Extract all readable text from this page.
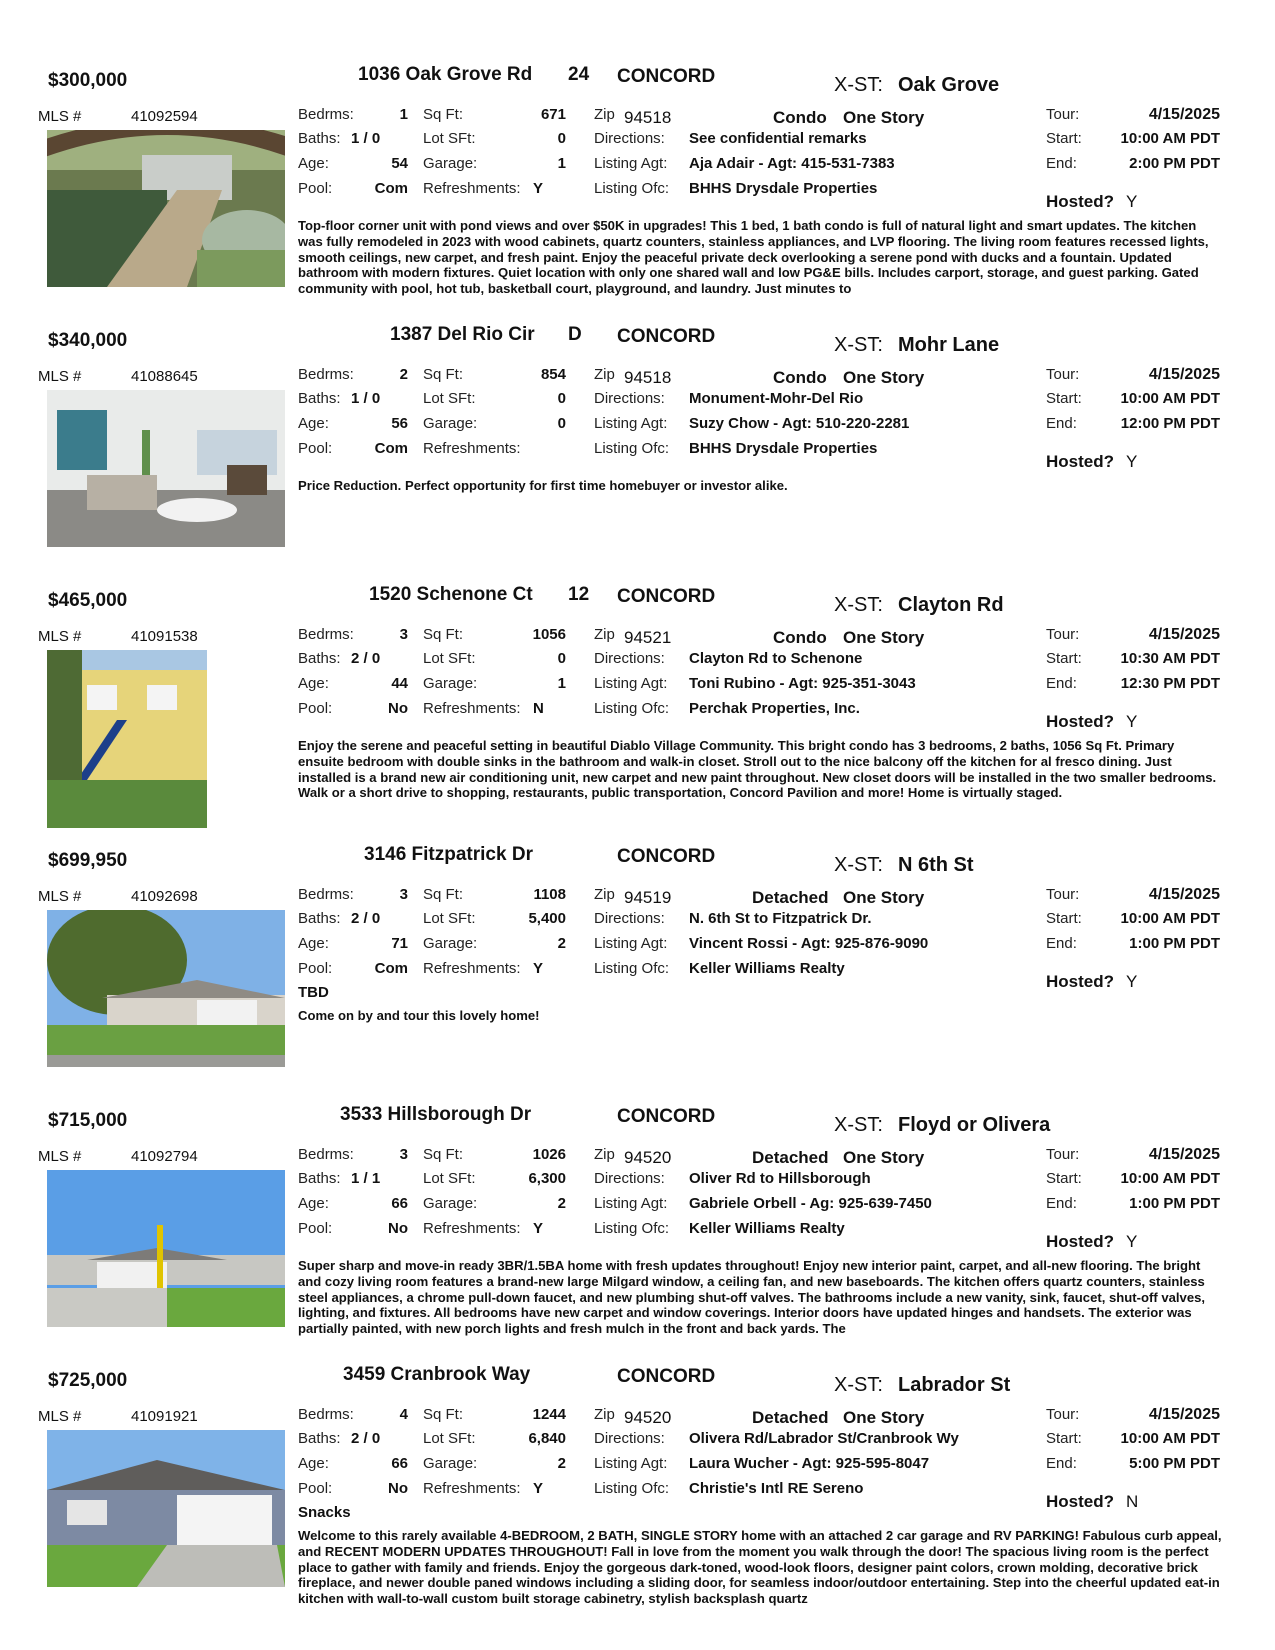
$300,000	1036 Oak Grove Rd 24 CONCORD	X-ST: Oak Grove
MLS #	41092594	Bedrms:	1 Sq Ft:	671
Baths: 1 / 0	Lot SFt:	0
Age:	54 Garage:	1
Pool:	Com Refreshments: Y
Zip 94518	Condo One Story
Directions: See confidential remarks
Listing Agt: Aja Adair - Agt: 415-531-7383
Listing Ofc: BHHS Drysdale Properties
Tour:	4/15/2025
Start:	10:00 AM PDT
End:	2:00 PM PDT
Hosted? Y
Top-floor corner unit with pond views and over $50K in upgrades! This 1 bed, 1 bath condo is full of natural light and smart updates. The kitchen was fully remodeled in 2023 with wood cabinets, quartz counters, stainless appliances, and LVP flooring. The living room features recessed lights, smooth ceilings, new carpet, and fresh paint. Enjoy the peaceful private deck overlooking a serene pond with ducks and a fountain. Updated bathroom with modern fixtures. Quiet location with only one shared wall and low PG&E bills. Includes carport, storage, and guest parking. Gated community with pool, hot tub, basketball court, playground, and laundry. Just minutes to
$340,000	1387 Del Rio Cir D CONCORD	X-ST: Mohr Lane
MLS #	41088645	Bedrms:	2 Sq Ft:	854
Baths: 1 / 0	Lot SFt:	0
Age:	56 Garage:	0
Pool:	Com Refreshments:
Zip 94518	Condo One Story
Directions: Monument-Mohr-Del Rio
Listing Agt: Suzy Chow - Agt: 510-220-2281
Listing Ofc: BHHS Drysdale Properties
Tour:	4/15/2025
Start:	10:00 AM PDT
End:	12:00 PM PDT
Hosted? Y
Price Reduction. Perfect opportunity for first time homebuyer or investor alike.
$465,000	1520 Schenone Ct 12 CONCORD	X-ST: Clayton Rd
MLS #	41091538	Bedrms:	3 Sq Ft:	1056
Baths: 2 / 0	Lot SFt:	0
Age:	44 Garage:	1
Pool:	No Refreshments: N
Zip 94521	Condo One Story
Directions: Clayton Rd to Schenone
Listing Agt: Toni Rubino - Agt: 925-351-3043
Listing Ofc: Perchak Properties, Inc.
Tour:	4/15/2025
Start:	10:30 AM PDT
End:	12:30 PM PDT
Hosted? Y
Enjoy the serene and peaceful setting in beautiful Diablo Village Community. This bright condo has 3 bedrooms, 2 baths, 1056 Sq Ft. Primary ensuite bedroom with double sinks in the bathroom and walk-in closet. Stroll out to the nice balcony off the kitchen for al fresco dining. Just installed is a brand new air conditioning unit, new carpet and new paint throughout. New closet doors will be installed in the two smaller bedrooms. Walk or a short drive to shopping, restaurants, public transportation, Concord Pavilion and more! Home is virtually staged.
$699,950	3146 Fitzpatrick Dr	CONCORD	X-ST: N 6th St
MLS #	41092698	Bedrms:	3 Sq Ft:	1108
Baths: 2 / 0	Lot SFt:	5,400
Age:	71 Garage:	2
Pool:	Com Refreshments: Y
Zip 94519	Detached One Story
Directions: N. 6th St to Fitzpatrick Dr.
Listing Agt: Vincent Rossi - Agt: 925-876-9090
Listing Ofc: Keller Williams Realty
Tour:	4/15/2025
Start:	10:00 AM PDT
End:	1:00 PM PDT
Hosted? Y
TBD
Come on by and tour this lovely home!
$715,000	3533 Hillsborough Dr	CONCORD	X-ST: Floyd or Olivera
MLS #	41092794	Bedrms:	3 Sq Ft:	1026
Baths: 1 / 1	Lot SFt:	6,300
Age:	66 Garage:	2
Pool:	No Refreshments: Y
Zip 94520	Detached One Story
Directions: Oliver Rd to Hillsborough
Listing Agt: Gabriele Orbell - Ag: 925-639-7450
Listing Ofc: Keller Williams Realty
Tour:	4/15/2025
Start:	10:00 AM PDT
End:	1:00 PM PDT
Hosted? Y
Super sharp and move-in ready 3BR/1.5BA home with fresh updates throughout! Enjoy new interior paint, carpet, and all-new flooring. The bright and cozy living room features a brand-new large Milgard window, a ceiling fan, and new baseboards. The kitchen offers quartz counters, stainless steel appliances, a chrome pull-down faucet, and new plumbing shut-off valves. The bathrooms include a new vanity, sink, faucet, shut-off valves, lighting, and fixtures. All bedrooms have new carpet and window coverings. Interior doors have updated hinges and handsets. The exterior was partially painted, with new porch lights and fresh mulch in the front and back yards. The
$725,000	3459 Cranbrook Way	CONCORD	X-ST: Labrador St
MLS #	41091921	Bedrms:	4 Sq Ft:	1244
Baths: 2 / 0	Lot SFt:	6,840
Age:	66 Garage:	2
Pool:	No Refreshments: Y
Zip 94520	Detached One Story
Directions: Olivera Rd/Labrador St/Cranbrook Wy
Listing Agt: Laura Wucher - Agt: 925-595-8047
Listing Ofc: Christie's Intl RE Sereno
Tour:	4/15/2025
Start:	10:00 AM PDT
End:	5:00 PM PDT
Hosted? N
Snacks
Welcome to this rarely available 4-BEDROOM, 2 BATH, SINGLE STORY home with an attached 2 car garage and RV PARKING! Fabulous curb appeal, and RECENT MODERN UPDATES THROUGHOUT! Fall in love from the moment you walk through the door! The spacious living room is the perfect place to gather with family and friends. Enjoy the gorgeous dark-toned, wood-look floors, designer paint colors, crown molding, decorative brick fireplace, and newer double paned windows including a sliding door, for seamless indoor/outdoor entertaining. Step into the cheerful updated eat-in kitchen with wall-to-wall custom built storage cabinetry, stylish backsplash quartz
